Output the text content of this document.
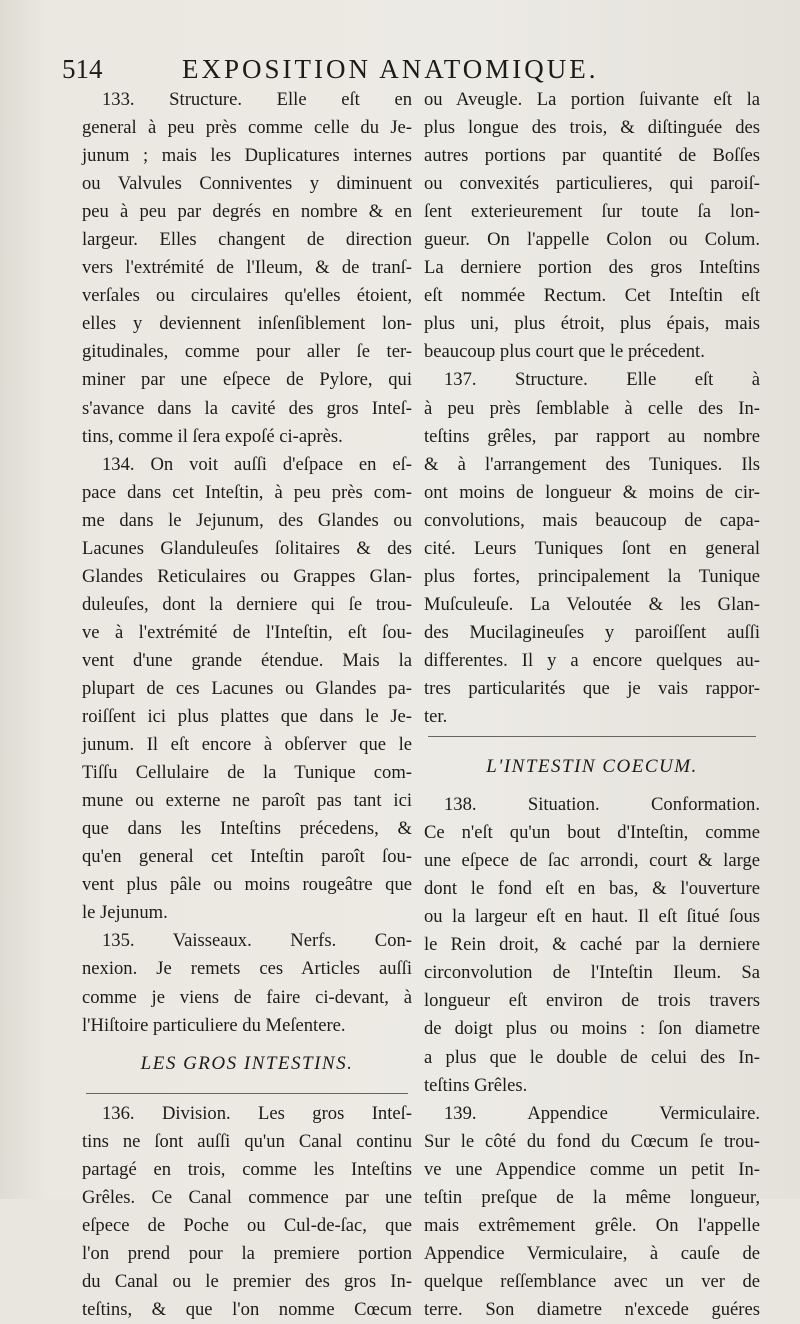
514	EXPOSITION ANATOMIQUE.
133. Structure. Elle eſt en
general à peu près comme celle du Je-
junum ; mais les Duplicatures internes
ou Valvules Conniventes y diminuent
peu à peu par degrés en nombre & en
largeur. Elles changent de direction
vers l'extrémité de l'Ileum, & de tranſ-
verſales ou circulaires qu'elles étoient,
elles y deviennent inſenſiblement lon-
gitudinales, comme pour aller ſe ter-
miner par une eſpece de Pylore, qui
s'avance dans la cavité des gros Inteſ-
tins, comme il ſera expoſé ci-après.
134. On voit auſſi d'eſpace en eſ-
pace dans cet Inteſtin, à peu près com-
me dans le Jejunum, des Glandes ou
Lacunes Glanduleuſes ſolitaires & des
Glandes Reticulaires ou Grappes Glan-
duleuſes, dont la derniere qui ſe trou-
ve à l'extrémité de l'Inteſtin, eſt ſou-
vent d'une grande étendue. Mais la
plupart de ces Lacunes ou Glandes pa-
roiſſent ici plus plattes que dans le Je-
junum. Il eſt encore à obſerver que le
Tiſſu Cellulaire de la Tunique com-
mune ou externe ne paroît pas tant ici
que dans les Inteſtins précedens, &
qu'en general cet Inteſtin paroît ſou-
vent plus pâle ou moins rougeâtre que
le Jejunum.
135. Vaisseaux. Nerfs. Con-
nexion. Je remets ces Articles auſſi
comme je viens de faire ci-devant, à
l'Hiſtoire particuliere du Meſentere.
LES GROS INTESTINS.
136. Division. Les gros Inteſ-
tins ne ſont auſſi qu'un Canal continu
partagé en trois, comme les Inteſtins
Grêles. Ce Canal commence par une
eſpece de Poche ou Cul-de-ſac, que
l'on prend pour la premiere portion
du Canal ou le premier des gros In-
teſtins, & que l'on nomme Cœcum
ou Aveugle. La portion ſuivante eſt la
plus longue des trois, & diſtinguée des
autres portions par quantité de Boſſes
ou convexités particulieres, qui paroiſ-
ſent exterieurement ſur toute ſa lon-
gueur. On l'appelle Colon ou Colum.
La derniere portion des gros Inteſtins
eſt nommée Rectum. Cet Inteſtin eſt
plus uni, plus étroit, plus épais, mais
beaucoup plus court que le précedent.
137. Structure. Elle eſt à
à peu près ſemblable à celle des In-
teſtins grêles, par rapport au nombre
& à l'arrangement des Tuniques. Ils
ont moins de longueur & moins de cir-
convolutions, mais beaucoup de capa-
cité. Leurs Tuniques ſont en general
plus fortes, principalement la Tunique
Muſculeuſe. La Veloutée & les Glan-
des Mucilagineuſes y paroiſſent auſſi
differentes. Il y a encore quelques au-
tres particularités que je vais rappor-
ter.
L'INTESTIN COECUM.
138. Situation. Conformation.
Ce n'eſt qu'un bout d'Inteſtin, comme
une eſpece de ſac arrondi, court & large
dont le fond eſt en bas, & l'ouverture
ou la largeur eſt en haut. Il eſt ſitué ſous
le Rein droit, & caché par la derniere
circonvolution de l'Inteſtin Ileum. Sa
longueur eſt environ de trois travers
de doigt plus ou moins : ſon diametre
a plus que le double de celui des In-
teſtins Grêles.
139. Appendice Vermiculaire.
Sur le côté du fond du Cœcum ſe trou-
ve une Appendice comme un petit In-
teſtin preſque de la même longueur,
mais extrêmement grêle. On l'appelle
Appendice Vermiculaire, à cauſe de
quelque reſſemblance avec un ver de
terre. Son diametre n'excede guéres
